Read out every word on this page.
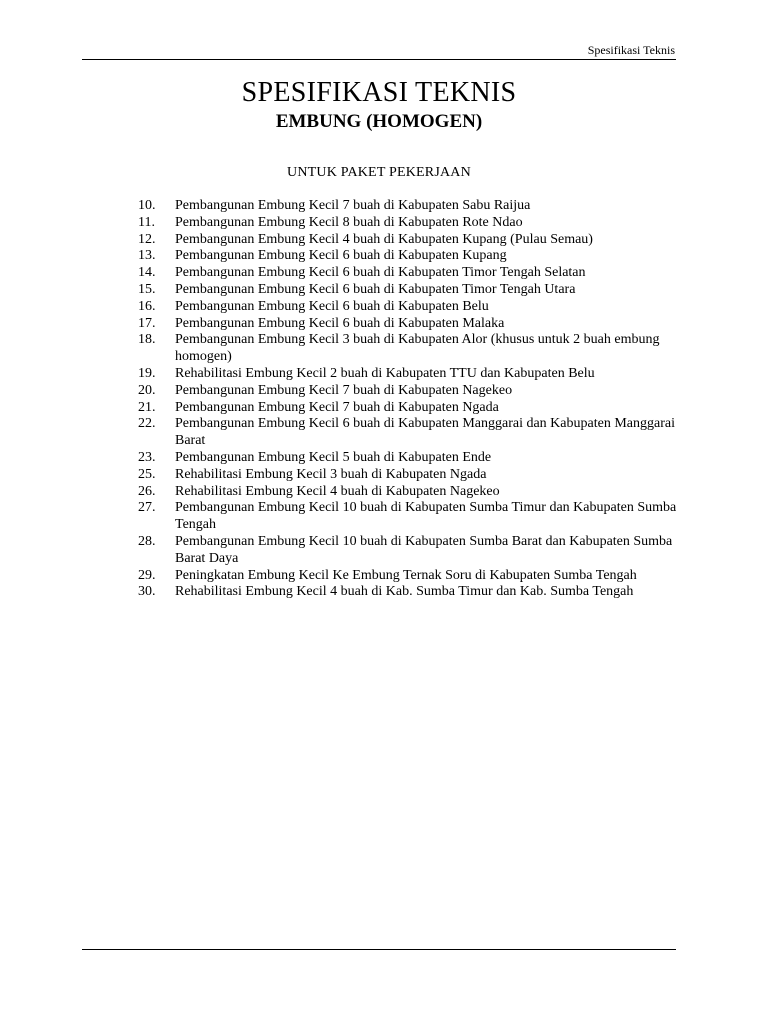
Spesifikasi Teknis
SPESIFIKASI TEKNIS
EMBUNG (HOMOGEN)
UNTUK PAKET PEKERJAAN
10.	Pembangunan Embung Kecil 7 buah di Kabupaten Sabu Raijua
11.	Pembangunan Embung Kecil 8 buah di Kabupaten Rote Ndao
12.	Pembangunan Embung Kecil 4 buah di Kabupaten Kupang (Pulau Semau)
13.	Pembangunan Embung Kecil 6 buah di Kabupaten Kupang
14.	Pembangunan Embung Kecil 6 buah di Kabupaten Timor Tengah Selatan
15.	Pembangunan Embung Kecil 6 buah di Kabupaten Timor Tengah Utara
16.	Pembangunan Embung Kecil 6 buah di Kabupaten Belu
17.	Pembangunan Embung Kecil 6 buah di Kabupaten Malaka
18.	Pembangunan Embung Kecil 3 buah di Kabupaten Alor (khusus untuk 2 buah embung homogen)
19.	Rehabilitasi Embung Kecil 2 buah di Kabupaten TTU dan Kabupaten Belu
20.	Pembangunan Embung Kecil 7 buah di Kabupaten Nagekeo
21.	Pembangunan Embung Kecil 7 buah di Kabupaten Ngada
22.	Pembangunan Embung Kecil 6 buah di Kabupaten Manggarai dan Kabupaten Manggarai Barat
23.	Pembangunan Embung Kecil 5 buah di Kabupaten Ende
25.	Rehabilitasi Embung Kecil 3 buah di Kabupaten Ngada
26.	Rehabilitasi Embung Kecil 4 buah di Kabupaten Nagekeo
27.	Pembangunan Embung Kecil 10 buah di Kabupaten Sumba Timur dan Kabupaten Sumba Tengah
28.	Pembangunan Embung Kecil 10 buah di Kabupaten Sumba Barat dan Kabupaten Sumba Barat Daya
29.	Peningkatan Embung Kecil Ke Embung Ternak Soru di Kabupaten Sumba Tengah
30.	Rehabilitasi Embung Kecil 4 buah di Kab. Sumba Timur dan Kab. Sumba Tengah
